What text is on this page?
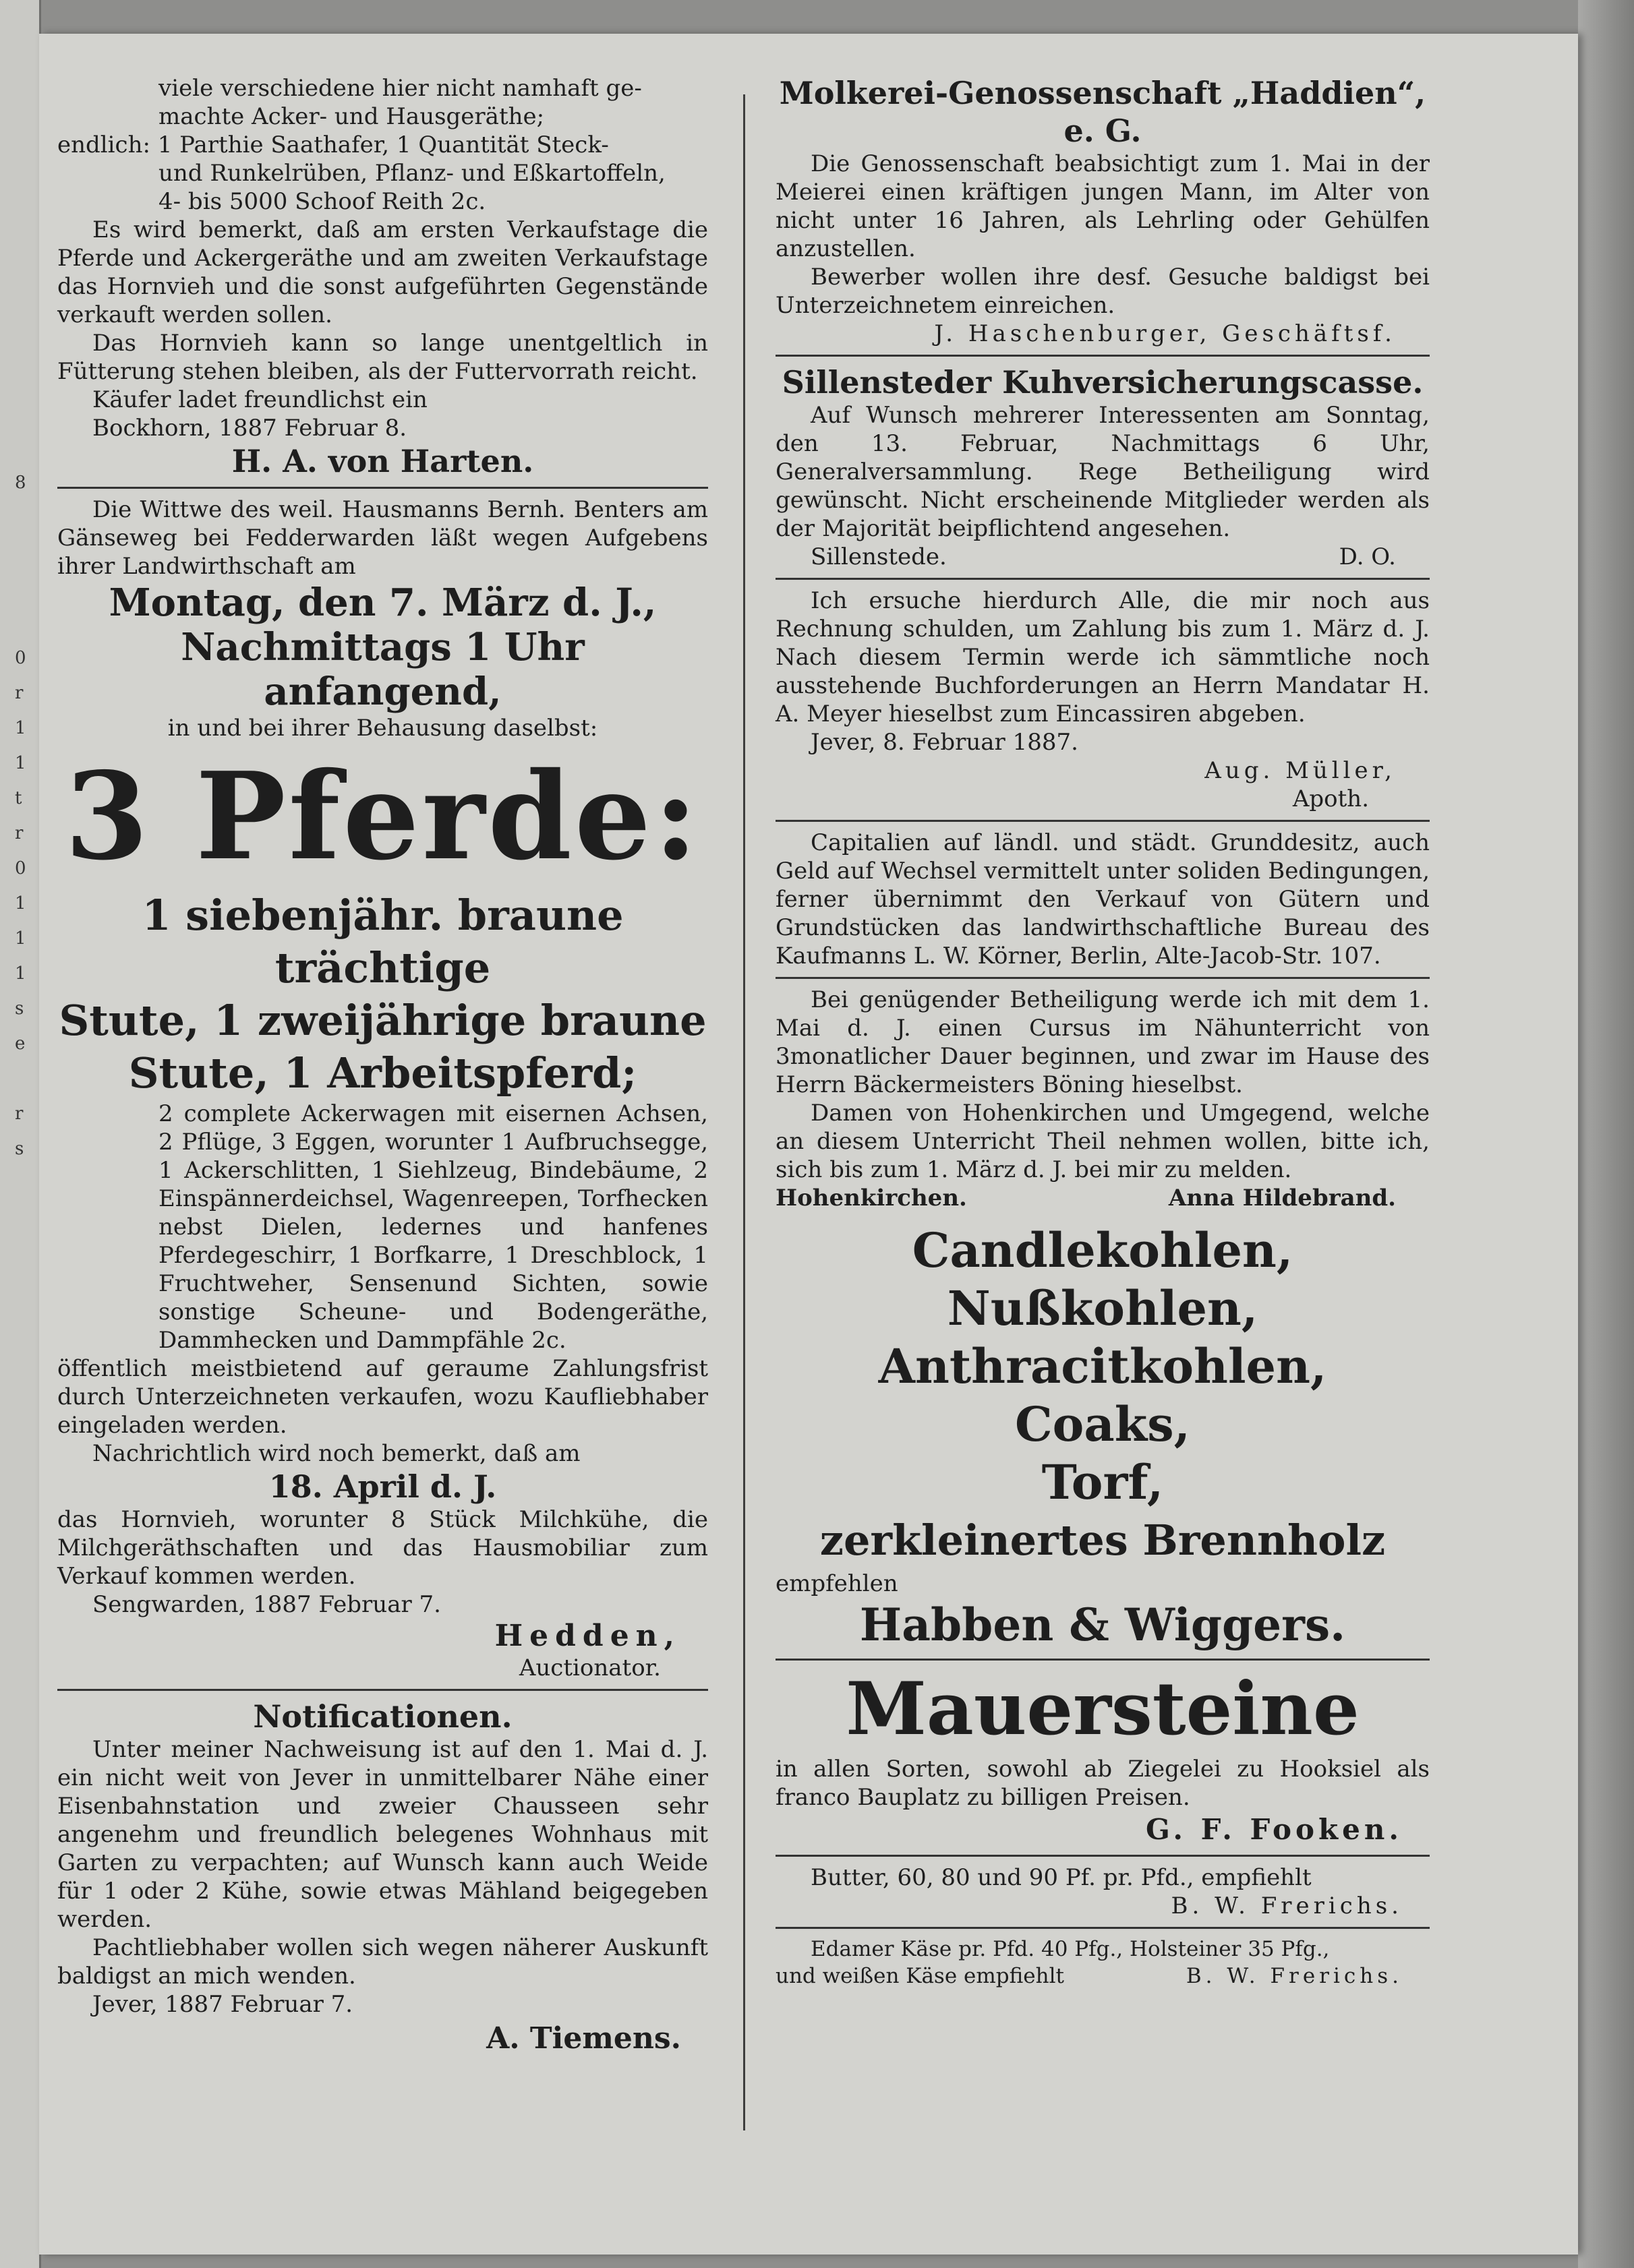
8

0
r
1
1
t
r
0
1
1
1
s
e

r
s

viele verschiedene hier nicht namhaft ge-

machte Acker- und Hausgeräthe;

endlich: 1 Parthie Saathafer, 1 Quantität Steck-

und Runkelrüben, Pflanz- und Eßkartoffeln,

4- bis 5000 Schoof Reith 2c.

Es wird bemerkt, daß am ersten Verkaufstage die Pferde und Ackergeräthe und am zweiten Verkaufstage das Hornvieh und die sonst aufgeführten Gegenstände verkauft werden sollen.

Das Hornvieh kann so lange unentgeltlich in Fütterung stehen bleiben, als der Futtervorrath reicht.

Käufer ladet freundlichst ein

Bockhorn, 1887 Februar 8.

H. A. von Harten.

Die Wittwe des weil. Hausmanns Bernh. Benters am Gänseweg bei Fedderwarden läßt wegen Aufgebens ihrer Landwirthschaft am

Montag, den 7. März d. J.,

Nachmittags 1 Uhr anfangend,

in und bei ihrer Behausung daselbst:

3 Pferde:

1 siebenjähr. braune trächtige

Stute, 1 zweijährige braune

Stute, 1 Arbeitspferd;

2 complete Ackerwagen mit eisernen Achsen, 2 Pflüge, 3 Eggen, worunter 1 Aufbruchsegge, 1 Ackerschlitten, 1 Siehlzeug, Bindebäume, 2 Einspännerdeichsel, Wagenreepen, Torfhecken nebst Dielen, ledernes und hanfenes Pferdegeschirr, 1 Borfkarre, 1 Dreschblock, 1 Fruchtweher, Sensenund Sichten, sowie sonstige Scheune- und Bodengeräthe, Dammhecken und Dammpfähle 2c.

öffentlich meistbietend auf geraume Zahlungsfrist durch Unterzeichneten verkaufen, wozu Kaufliebhaber eingeladen werden.

Nachrichtlich wird noch bemerkt, daß am

18. April d. J.

das Hornvieh, worunter 8 Stück Milchkühe, die Milchgeräthschaften und das Hausmobiliar zum Verkauf kommen werden.

Sengwarden, 1887 Februar 7.

Hedden,

Auctionator.

Notificationen.

Unter meiner Nachweisung ist auf den 1. Mai d. J. ein nicht weit von Jever in unmittelbarer Nähe einer Eisenbahnstation und zweier Chausseen sehr angenehm und freundlich belegenes Wohnhaus mit Garten zu verpachten; auf Wunsch kann auch Weide für 1 oder 2 Kühe, sowie etwas Mähland beigegeben werden.

Pachtliebhaber wollen sich wegen näherer Auskunft baldigst an mich wenden.

Jever, 1887 Februar 7.

A. Tiemens.

Molkerei-Genossenschaft „Haddien“,

e. G.

Die Genossenschaft beabsichtigt zum 1. Mai in der Meierei einen kräftigen jungen Mann, im Alter von nicht unter 16 Jahren, als Lehrling oder Gehülfen anzustellen.

Bewerber wollen ihre desf. Gesuche baldigst bei Unterzeichnetem einreichen.

J. Haschenburger, Geschäftsf.

Sillensteder Kuhversicherungscasse.

Auf Wunsch mehrerer Interessenten am Sonntag, den 13. Februar, Nachmittags 6 Uhr, Generalversammlung. Rege Betheiligung wird gewünscht. Nicht erscheinende Mitglieder werden als der Majorität beipflichtend angesehen.

Sillenstede.	D. O.

Ich ersuche hierdurch Alle, die mir noch aus Rechnung schulden, um Zahlung bis zum 1. März d. J. Nach diesem Termin werde ich sämmtliche noch ausstehende Buchforderungen an Herrn Mandatar H. A. Meyer hieselbst zum Eincassiren abgeben.

Jever, 8. Februar 1887.

Aug. Müller,

Apoth.

Capitalien auf ländl. und städt. Grunddesitz, auch Geld auf Wechsel vermittelt unter soliden Bedingungen, ferner übernimmt den Verkauf von Gütern und Grundstücken das landwirthschaftliche Bureau des Kaufmanns L. W. Körner, Berlin, Alte-Jacob-Str. 107.

Bei genügender Betheiligung werde ich mit dem 1. Mai d. J. einen Cursus im Nähunterricht von 3monatlicher Dauer beginnen, und zwar im Hause des Herrn Bäckermeisters Böning hieselbst.

Damen von Hohenkirchen und Umgegend, welche an diesem Unterricht Theil nehmen wollen, bitte ich, sich bis zum 1. März d. J. bei mir zu melden.

Hohenkirchen.	Anna Hildebrand.

Candlekohlen,

Nußkohlen,

Anthracitkohlen,

Coaks,

Torf,

zerkleinertes Brennholz

empfehlen

Habben & Wiggers.

Mauersteine

in allen Sorten, sowohl ab Ziegelei zu Hooksiel als franco Bauplatz zu billigen Preisen.

G. F. Fooken.

Butter, 60, 80 und 90 Pf. pr. Pfd., empfiehlt

B. W. Frerichs.

Edamer Käse pr. Pfd. 40 Pfg., Holsteiner 35 Pfg.,

und weißen Käse empfiehlt	B. W. Frerichs.
